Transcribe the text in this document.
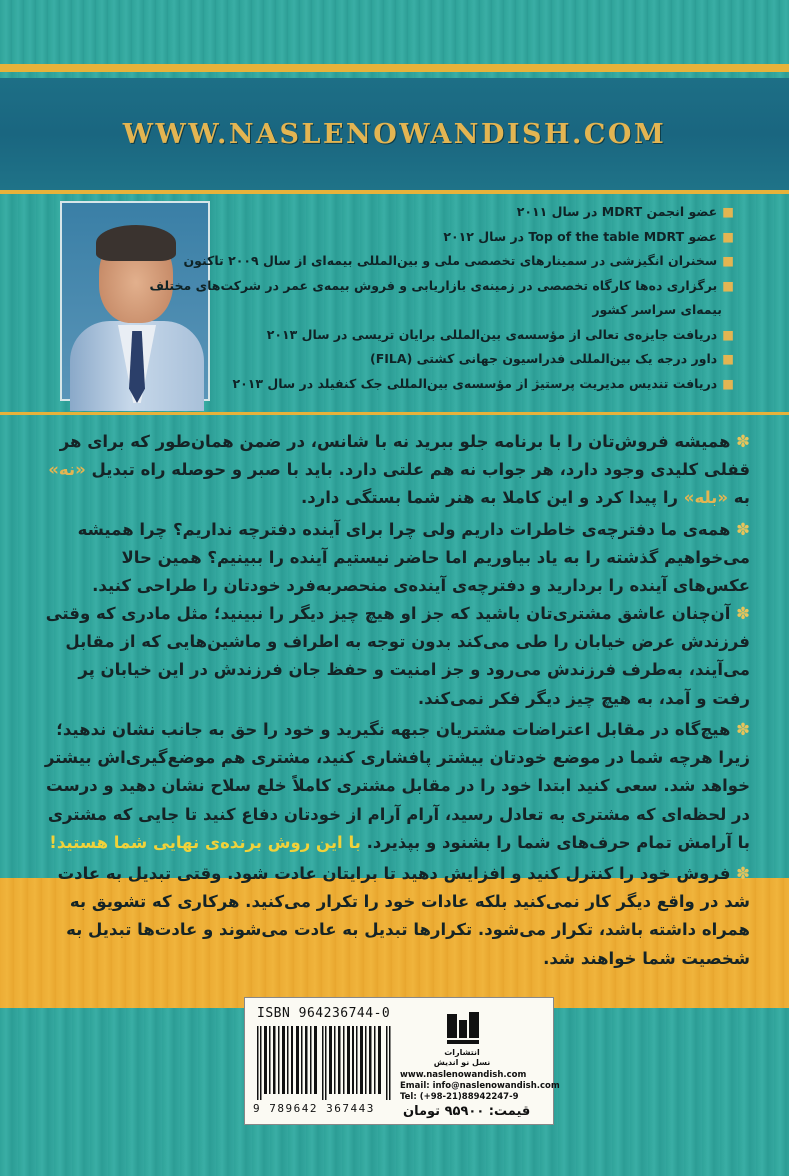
WWW.NASLENOWANDISH.COM
■عضو انجمن MDRT در سال ۲۰۱۱
■عضو Top of the table MDRT در سال ۲۰۱۲
■سخنران انگیزشی در سمینارهای تخصصی ملی و بین‌المللی بیمه‌ای از سال ۲۰۰۹ تاکنون
■برگزاری ده‌ها کارگاه تخصصی در زمینه‌ی بازاریابی و فروش بیمه‌ی عمر در شرکت‌های مختلف
بیمه‌ای سراسر کشور
■دریافت جایزه‌ی تعالی از مؤسسه‌ی بین‌المللی برایان تریسی در سال ۲۰۱۳
■داور درجه یک بین‌المللی فدراسیون جهانی کشتی (FILA)
■دریافت تندیس مدیریت پرستیژ از مؤسسه‌ی بین‌المللی جک کنفیلد در سال ۲۰۱۳
✽ همیشه فروش‌تان را با برنامه جلو ببرید نه با شانس، در ضمن همان‌طور که برای هر قفلی کلیدی وجود دارد، هر جواب نه هم علتی دارد. باید با صبر و حوصله راه تبدیل «نه» به «بله» را پیدا کرد و این کاملا به هنر شما بستگی دارد.
✽ همه‌ی ما دفترچه‌ی خاطرات داریم ولی چرا برای آینده دفترچه نداریم؟ چرا همیشه می‌خواهیم گذشته را به یاد بیاوریم اما حاضر نیستیم آینده را ببینیم؟ همین حالا عکس‌های آینده را بردارید و دفترچه‌ی آینده‌ی منحصربه‌فرد خودتان را طراحی کنید.
✽ آن‌چنان عاشق مشتری‌تان باشید که جز او هیچ چیز دیگر را نبینید؛ مثل مادری که وقتی فرزندش عرض خیابان را طی می‌کند بدون توجه به اطراف و ماشین‌هایی که از مقابل می‌آیند، به‌طرف فرزندش می‌رود و جز امنیت و حفظ جان فرزندش در این خیابان پر رفت و آمد، به هیچ چیز دیگر فکر نمی‌کند.
✽ هیچ‌گاه در مقابل اعتراضات مشتریان جبهه نگیرید و خود را حق به جانب نشان ندهید؛ زیرا هرچه شما در موضع خودتان بیشتر پافشاری کنید، مشتری هم موضع‌گیری‌اش بیشتر خواهد شد. سعی کنید ابتدا خود را در مقابل مشتری کاملاً خلع سلاح نشان دهید و درست در لحظه‌ای که مشتری به تعادل رسید، آرام آرام از خودتان دفاع کنید تا جایی که مشتری با آرامش تمام حرف‌های شما را بشنود و بپذیرد. با این روش برنده‌ی نهایی شما هستید!
✽ فروش خود را کنترل کنید و افزایش دهید تا برایتان عادت شود. وقتی تبدیل به عادت شد در واقع دیگر کار نمی‌کنید بلکه عادات خود را تکرار می‌کنید. هرکاری که تشویق به همراه داشته باشد، تکرار می‌شود. تکرارها تبدیل به عادت می‌شوند و عادت‌ها تبدیل به شخصیت شما خواهند شد.
ISBN 964236744-0
9 789642 367443
انتشارات
نسل نو اندیش
www.naslenowandish.com
Email: info@naslenowandish.com
Tel: (+98-21)88942247-9
قیمت: ۹۵۹۰۰ تومان
